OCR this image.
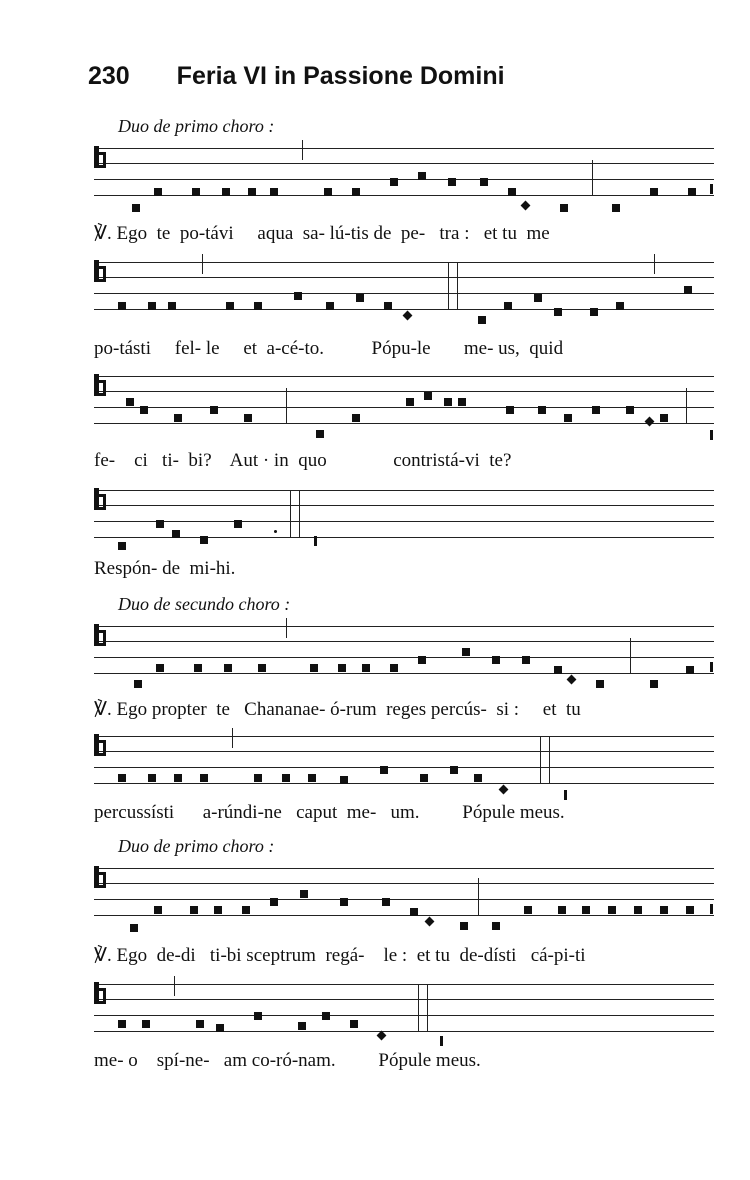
230 Feria VI in Passione Domini
Duo de primo choro :
℣. Ego  te  po-távi     aqua  sa- lú-tis de  pe-   tra :   et tu  me
po-tásti     fel- le     et  a-cé-to.          Pópu-le       me- us,  quid
fe-    ci   ti-  bi?    Aut · in  quo              contristá-vi  te?
Respón- de  mi-hi.
Duo de secundo choro :
℣. Ego propter  te   Chananae- ó-rum  reges percús-  si :     et  tu
percussísti      a-rúndi-ne   caput  me-   um.         Pópule meus.
Duo de primo choro :
℣. Ego  de-di   ti-bi sceptrum  regá-    le :  et tu  de-dísti   cá-pi-ti
me- o    spí-ne-   am co-ró-nam.         Pópule meus.
